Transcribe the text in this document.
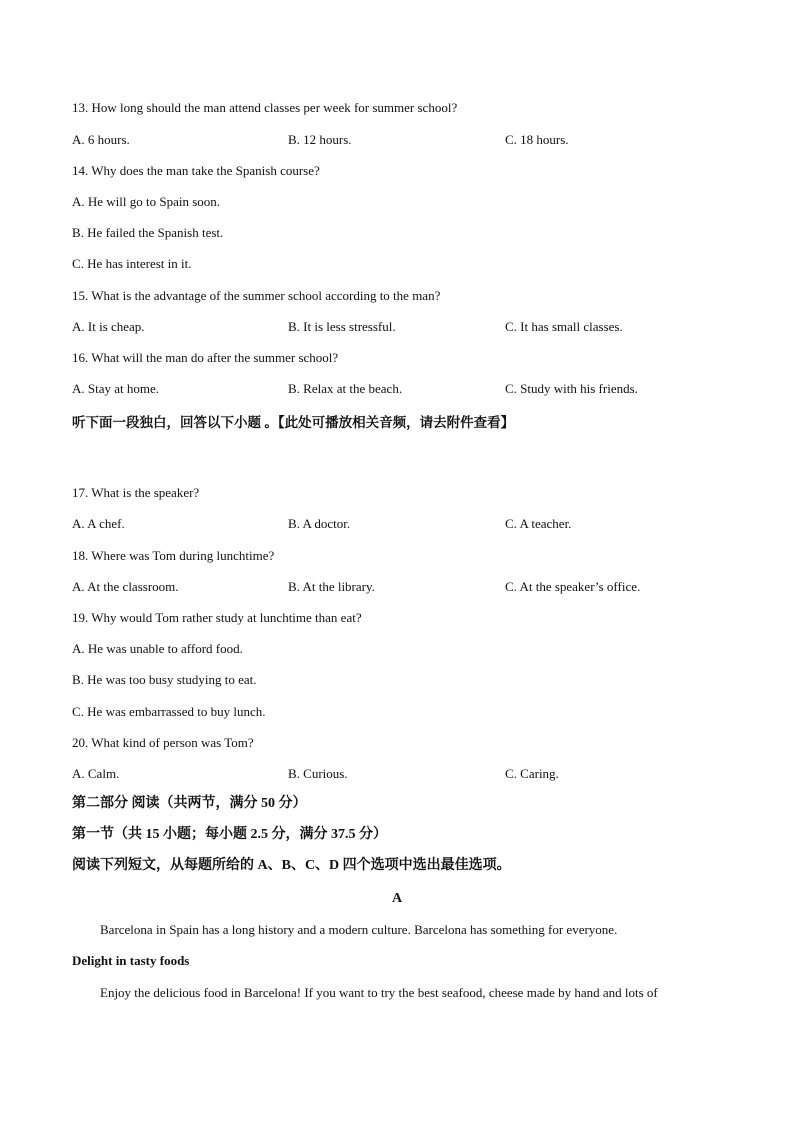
13. How long should the man attend classes per week for summer school?
A. 6 hours.	B. 12 hours.	C. 18 hours.
14. Why does the man take the Spanish course?
A. He will go to Spain soon.
B. He failed the Spanish test.
C. He has interest in it.
15. What is the advantage of the summer school according to the man?
A. It is cheap.	B. It is less stressful.	C. It has small classes.
16. What will the man do after the summer school?
A. Stay at home.	B. Relax at the beach.	C. Study with his friends.
听下面一段独白，回答以下小题 。【此处可播放相关音频，请去附件查看】
17. What is the speaker?
A. A chef.	B. A doctor.	C. A teacher.
18. Where was Tom during lunchtime?
A. At the classroom.	B. At the library.	C. At the speaker’s office.
19. Why would Tom rather study at lunchtime than eat?
A. He was unable to afford food.
B. He was too busy studying to eat.
C. He was embarrassed to buy lunch.
20. What kind of person was Tom?
A. Calm.	B. Curious.	C. Caring.
第二部分 阅读（共两节，满分 50 分）
第一节（共 15 小题；每小题 2.5 分，满分 37.5 分）
阅读下列短文，从每题所给的 A、B、C、D 四个选项中选出最佳选项。
A
Barcelona in Spain has a long history and a modern culture. Barcelona has something for everyone.
Delight in tasty foods
Enjoy the delicious food in Barcelona! If you want to try the best seafood, cheese made by hand and lots of
